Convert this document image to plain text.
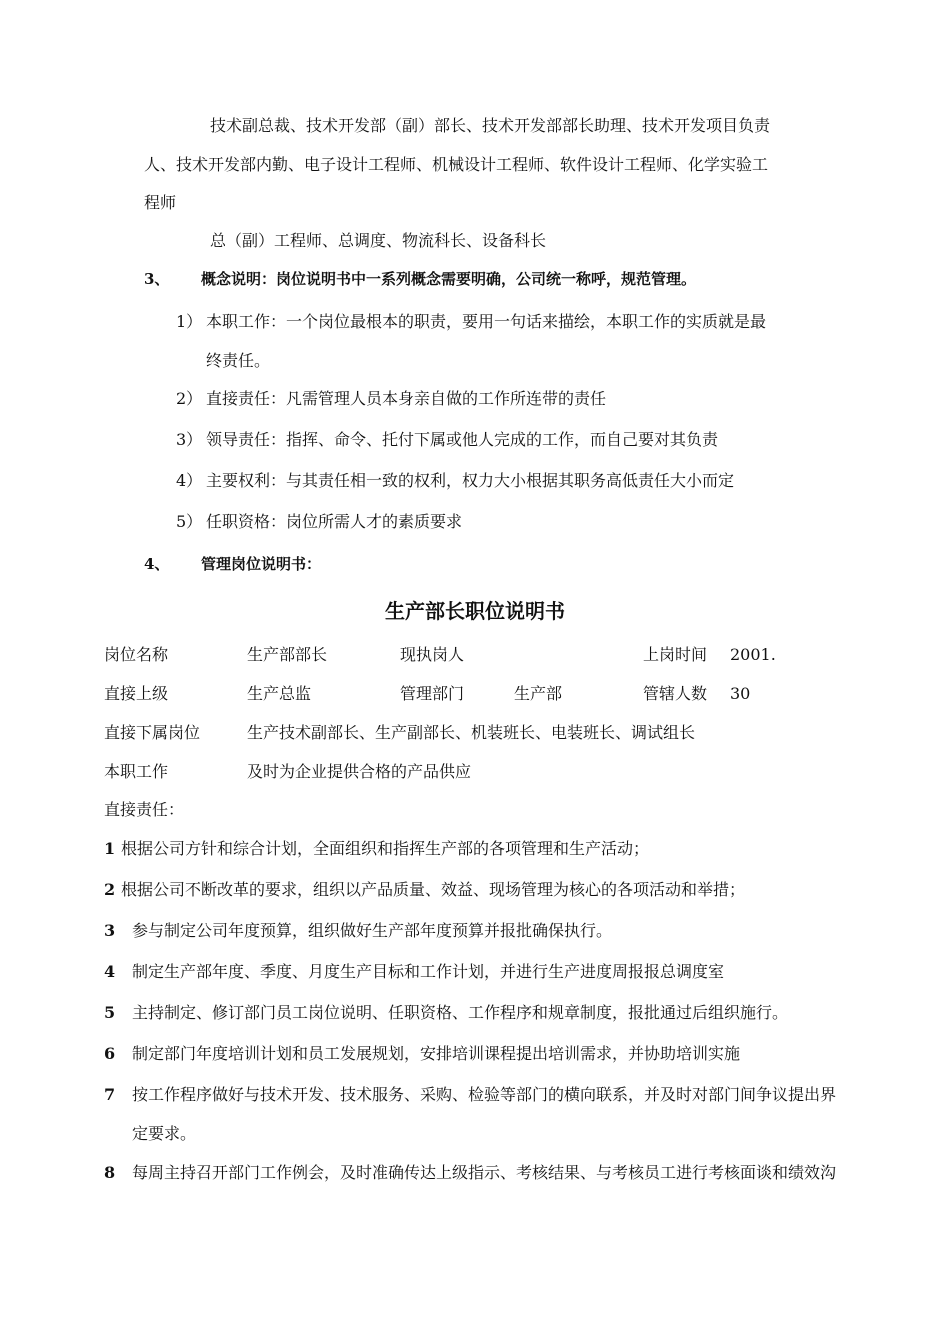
技术副总裁、技术开发部（副）部长、技术开发部部长助理、技术开发项目负责
人、技术开发部内勤、电子设计工程师、机械设计工程师、软件设计工程师、化学实验工
程师
总（副）工程师、总调度、物流科长、设备科长
3、 概念说明：岗位说明书中一系列概念需要明确，公司统一称呼，规范管理。
1） 本职工作：一个岗位最根本的职责，要用一句话来描绘，本职工作的实质就是最
终责任。
2） 直接责任：凡需管理人员本身亲自做的工作所连带的责任
3） 领导责任：指挥、命令、托付下属或他人完成的工作，而自己要对其负责
4） 主要权利：与其责任相一致的权利，权力大小根据其职务高低责任大小而定
5） 任职资格：岗位所需人才的素质要求
4、 管理岗位说明书：
生产部长职位说明书
岗位名称	生产部部长	现执岗人	上岗时间 2001.
直接上级	生产总监	管理部门	生产部	管辖人数 30
直接下属岗位	生产技术副部长、生产副部长、机装班长、电装班长、调试组长
本职工作	及时为企业提供合格的产品供应
直接责任：
1 根据公司方针和综合计划，全面组织和指挥生产部的各项管理和生产活动；
2 根据公司不断改革的要求，组织以产品质量、效益、现场管理为核心的各项活动和举措；
3 参与制定公司年度预算，组织做好生产部年度预算并报批确保执行。
4 制定生产部年度、季度、月度生产目标和工作计划，并进行生产进度周报报总调度室
5 主持制定、修订部门员工岗位说明、任职资格、工作程序和规章制度，报批通过后组织施行。
6 制定部门年度培训计划和员工发展规划，安排培训课程提出培训需求，并协助培训实施
7 按工作程序做好与技术开发、技术服务、采购、检验等部门的横向联系，并及时对部门间争议提出界
定要求。
8 每周主持召开部门工作例会，及时准确传达上级指示、考核结果、与考核员工进行考核面谈和绩效沟
